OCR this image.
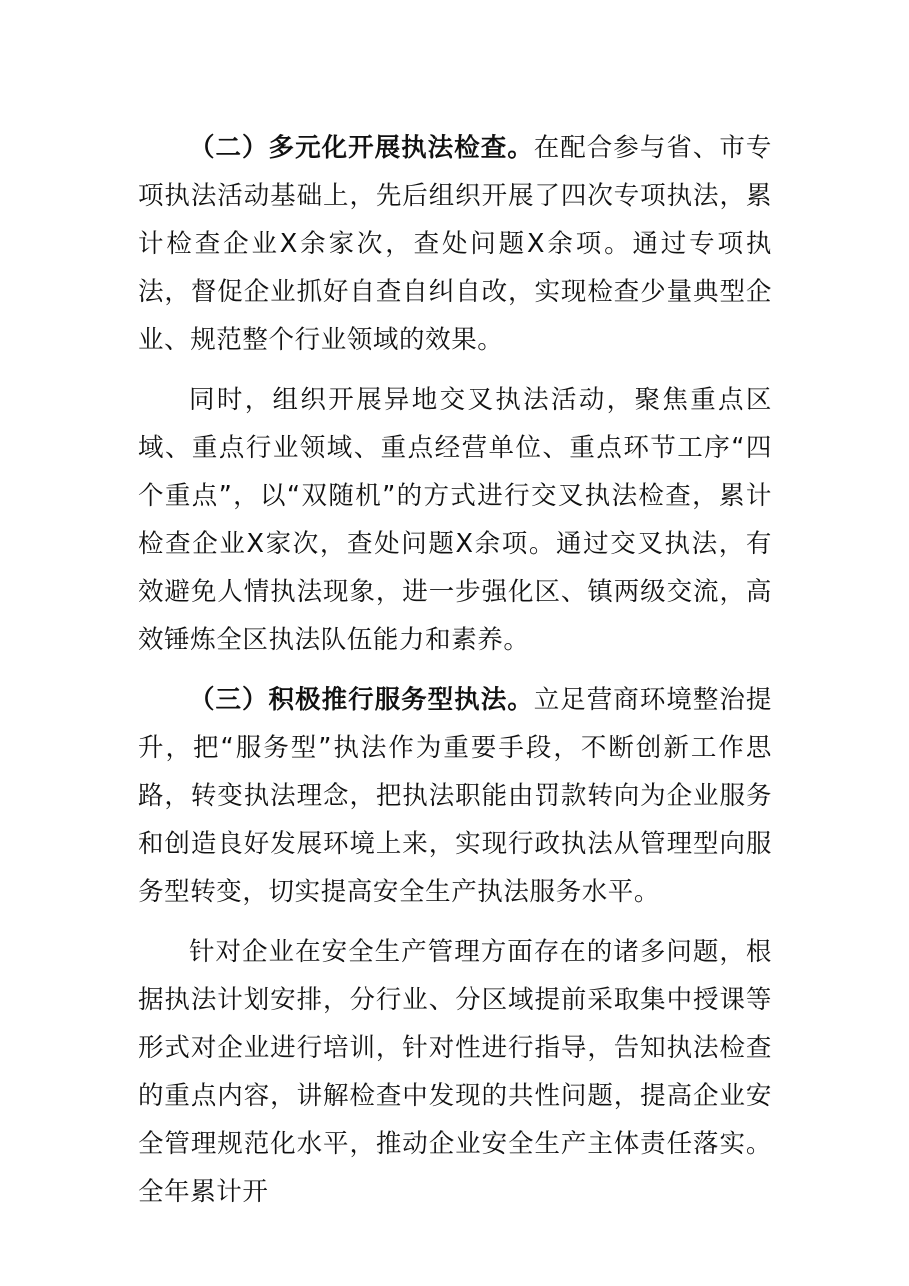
（二）多元化开展执法检查。在配合参与省、市专项执法活动基础上，先后组织开展了四次专项执法，累计检查企业X余家次，查处问题X余项。通过专项执法，督促企业抓好自查自纠自改，实现检查少量典型企业、规范整个行业领域的效果。

同时，组织开展异地交叉执法活动，聚焦重点区域、重点行业领域、重点经营单位、重点环节工序“四个重点”，以“双随机”的方式进行交叉执法检查，累计检查企业X家次，查处问题X余项。通过交叉执法，有效避免人情执法现象，进一步强化区、镇两级交流，高效锤炼全区执法队伍能力和素养。

（三）积极推行服务型执法。立足营商环境整治提升，把“服务型”执法作为重要手段，不断创新工作思路，转变执法理念，把执法职能由罚款转向为企业服务和创造良好发展环境上来，实现行政执法从管理型向服务型转变，切实提高安全生产执法服务水平。

针对企业在安全生产管理方面存在的诸多问题，根据执法计划安排，分行业、分区域提前采取集中授课等形式对企业进行培训，针对性进行指导，告知执法检查的重点内容，讲解检查中发现的共性问题，提高企业安全管理规范化水平，推动企业安全生产主体责任落实。全年累计开
